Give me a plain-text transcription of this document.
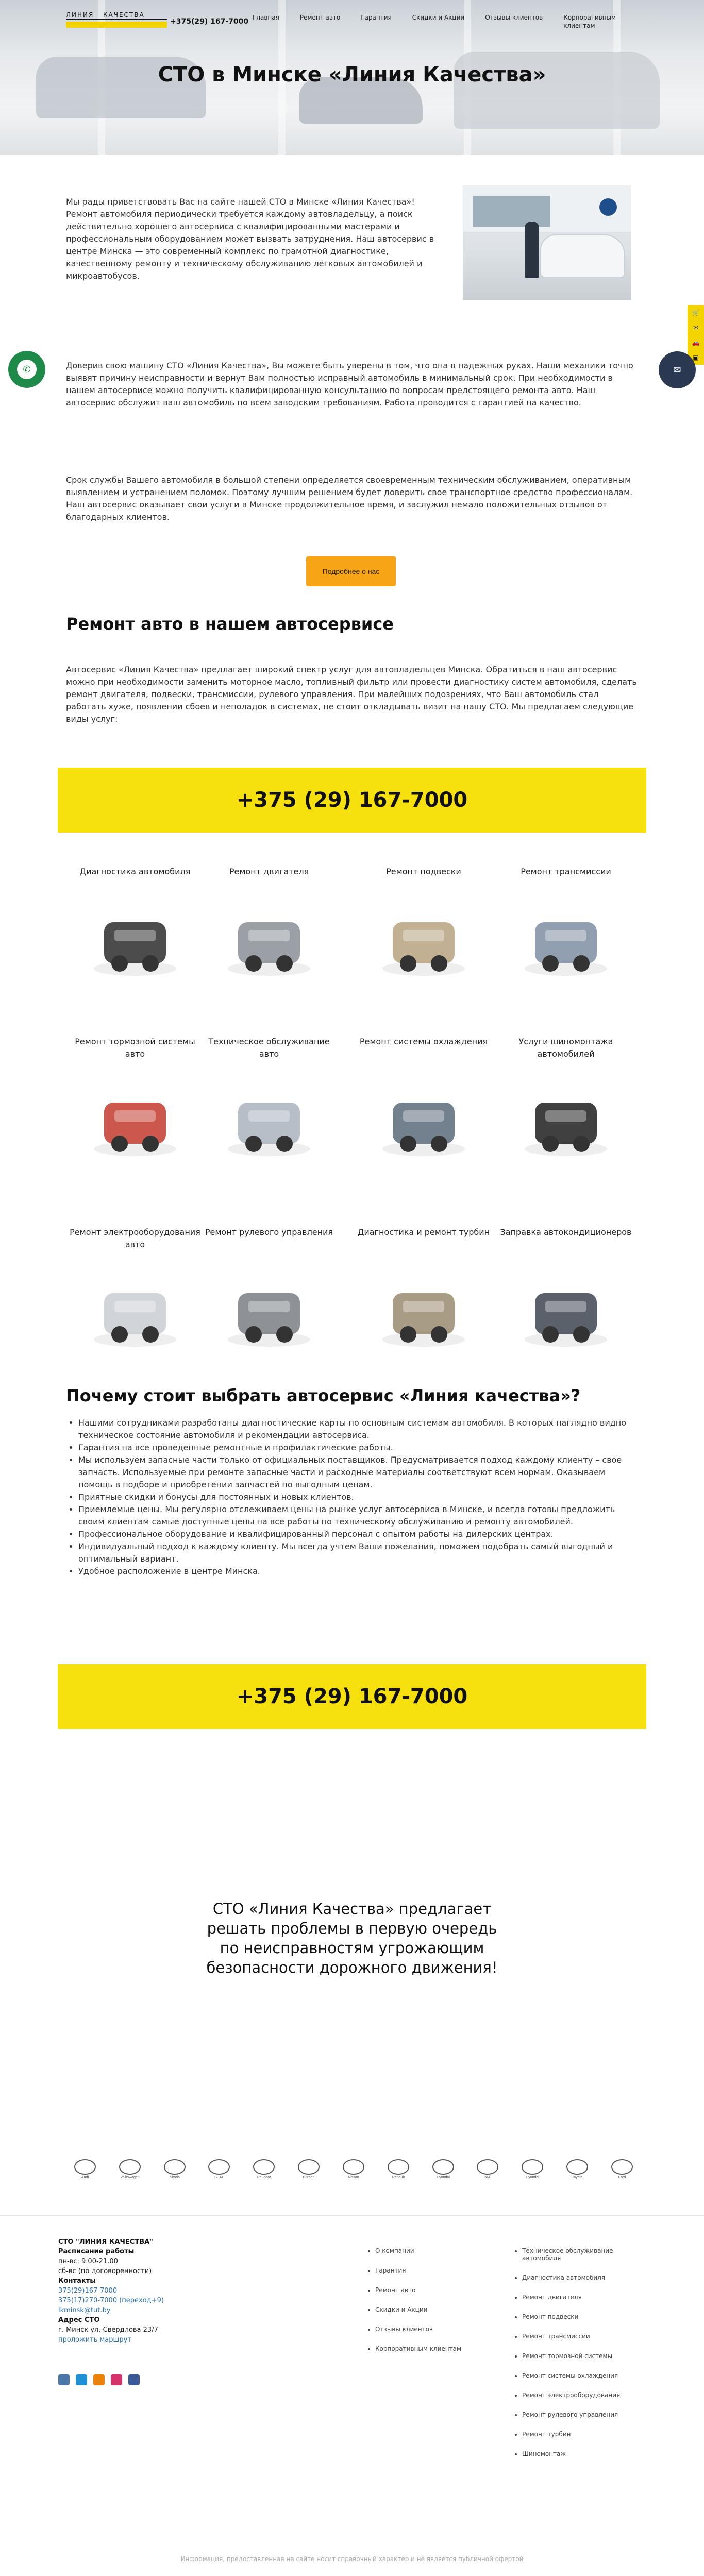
ЛИНИЯ КАЧЕСТВА
+375(29) 167-7000 Главная	Ремонт авто	Гарантия	Скидки и Акции	Отзывы клиентов	Корпоративным клиентам
СТО в Минске «Линия Качества»

Мы рады приветствовать Вас на сайте нашей СТО в Минске «Линия Качества»! Ремонт автомобиля периодически требуется каждому автовладельцу, а поиск действительно хорошего автосервиса с квалифицированными мастерами и профессиональным оборудованием может вызвать затруднения. Наш автосервис в центре Минска — это современный комплекс по грамотной диагностике, качественному ремонту и техническому обслуживанию легковых автомобилей и микроавтобусов.

Доверив свою машину СТО «Линия Качества», Вы можете быть уверены в том, что она в надежных руках. Наши механики точно выявят причину неисправности и вернут Вам полностью исправный автомобиль в минимальный срок. При необходимости в нашем автосервисе можно получить квалифицированную консультацию по вопросам предстоящего ремонта авто. Наш автосервис обслужит ваш автомобиль по всем заводским требованиям. Работа проводится с гарантией на качество.

Срок службы Вашего автомобиля в большой степени определяется своевременным техническим обслуживанием, оперативным выявлением и устранением поломок. Поэтому лучшим решением будет доверить свое транспортное средство профессионалам. Наш автосервис оказывает свои услуги в Минске продолжительное время, и заслужил немало положительных отзывов от благодарных клиентов.

Подробнее о нас
Ремонт авто в нашем автосервисе

Автосервис «Линия Качества» предлагает широкий спектр услуг для автовладельцев Минска. Обратиться в наш автосервис можно при необходимости заменить моторное масло, топливный фильтр или провести диагностику систем автомобиля, сделать ремонт двигателя, подвески, трансмиссии, рулевого управления. При малейших подозрениях, что Ваш автомобиль стал работать хуже, появлении сбоев и неполадок в системах, не стоит откладывать визит на нашу СТО. Мы предлагаем следующие виды услуг:

+375 (29) 167-7000
Диагностика автомобиля	Ремонт двигателя	Ремонт подвески	Ремонт трансмиссии
Ремонт тормозной системы авто
Техническое обслуживание авто
Ремонт системы охлаждения	Услуги шиномонтажа автомобилей
Ремонт электрооборудования авто
Ремонт рулевого управления	Диагностика и ремонт турбин Заправка автокондиционеров
Почему стоит выбрать автосервис «Линия качества»?
• Нашими сотрудниками разработаны диагностические карты по основным системам автомобиля. В которых наглядно видно техническое состояние автомобиля и рекомендации автосервиса.
• Гарантия на все проведенные ремонтные и профилактические работы.
• Мы используем запасные части только от официальных поставщиков. Предусматривается подход каждому клиенту – свое запчасть. Используемые при ремонте запасные части и расходные материалы соответствуют всем нормам. Оказываем помощь в подборе и приобретении запчастей по выгодным ценам.
• Приятные скидки и бонусы для постоянных и новых клиентов.
• Приемлемые цены. Мы регулярно отслеживаем цены на рынке услуг автосервиса в Минске, и всегда готовы предложить своим клиентам самые доступные цены на все работы по техническому обслуживанию и ремонту автомобилей.
• Профессиональное оборудование и квалифицированный персонал с опытом работы на дилерских центрах.
• Индивидуальный подход к каждому клиенту. Мы всегда учтем Ваши пожелания, поможем подобрать самый выгодный и оптимальный вариант.
• Удобное расположение в центре Минска.
+375 (29) 167-7000

СТО «Линия Качества» предлагает решать проблемы в первую очередь по неисправностям угрожающим безопасности дорожного движения!

Audi	Volkswagen	Škoda	SEAT	Peugeot	Citroën	Nissan	Renault	Hyundai	KIA	Hyundai	Toyota	Ford
СТО "ЛИНИЯ КАЧЕСТВА"
Расписание работы
пн-вс: 9.00-21.00
сб-вс (по договоренности)
Контакты
375(29)167-7000
375(17)270-7000 (переход+9)
lkminsk@tut.by
Адрес СТО
г. Минск ул. Свердлова 23/7
проложить маршрут
• О компании
• Гарантия
• Ремонт авто
• Скидки и Акции
• Отзывы клиентов
• Корпоративным клиентам
• Техническое обслуживание автомобиля
• Диагностика автомобиля
• Ремонт двигателя
• Ремонт подвески
• Ремонт трансмиссии
• Ремонт тормозной системы
• Ремонт системы охлаждения
• Ремонт электрооборудования
• Ремонт рулевого управления
• Ремонт турбин
• Шиномонтаж
Информация, предоставленная на сайте носит справочный характер и не является публичной офертой
✆
🛒
✉
🚗
▣
✉
